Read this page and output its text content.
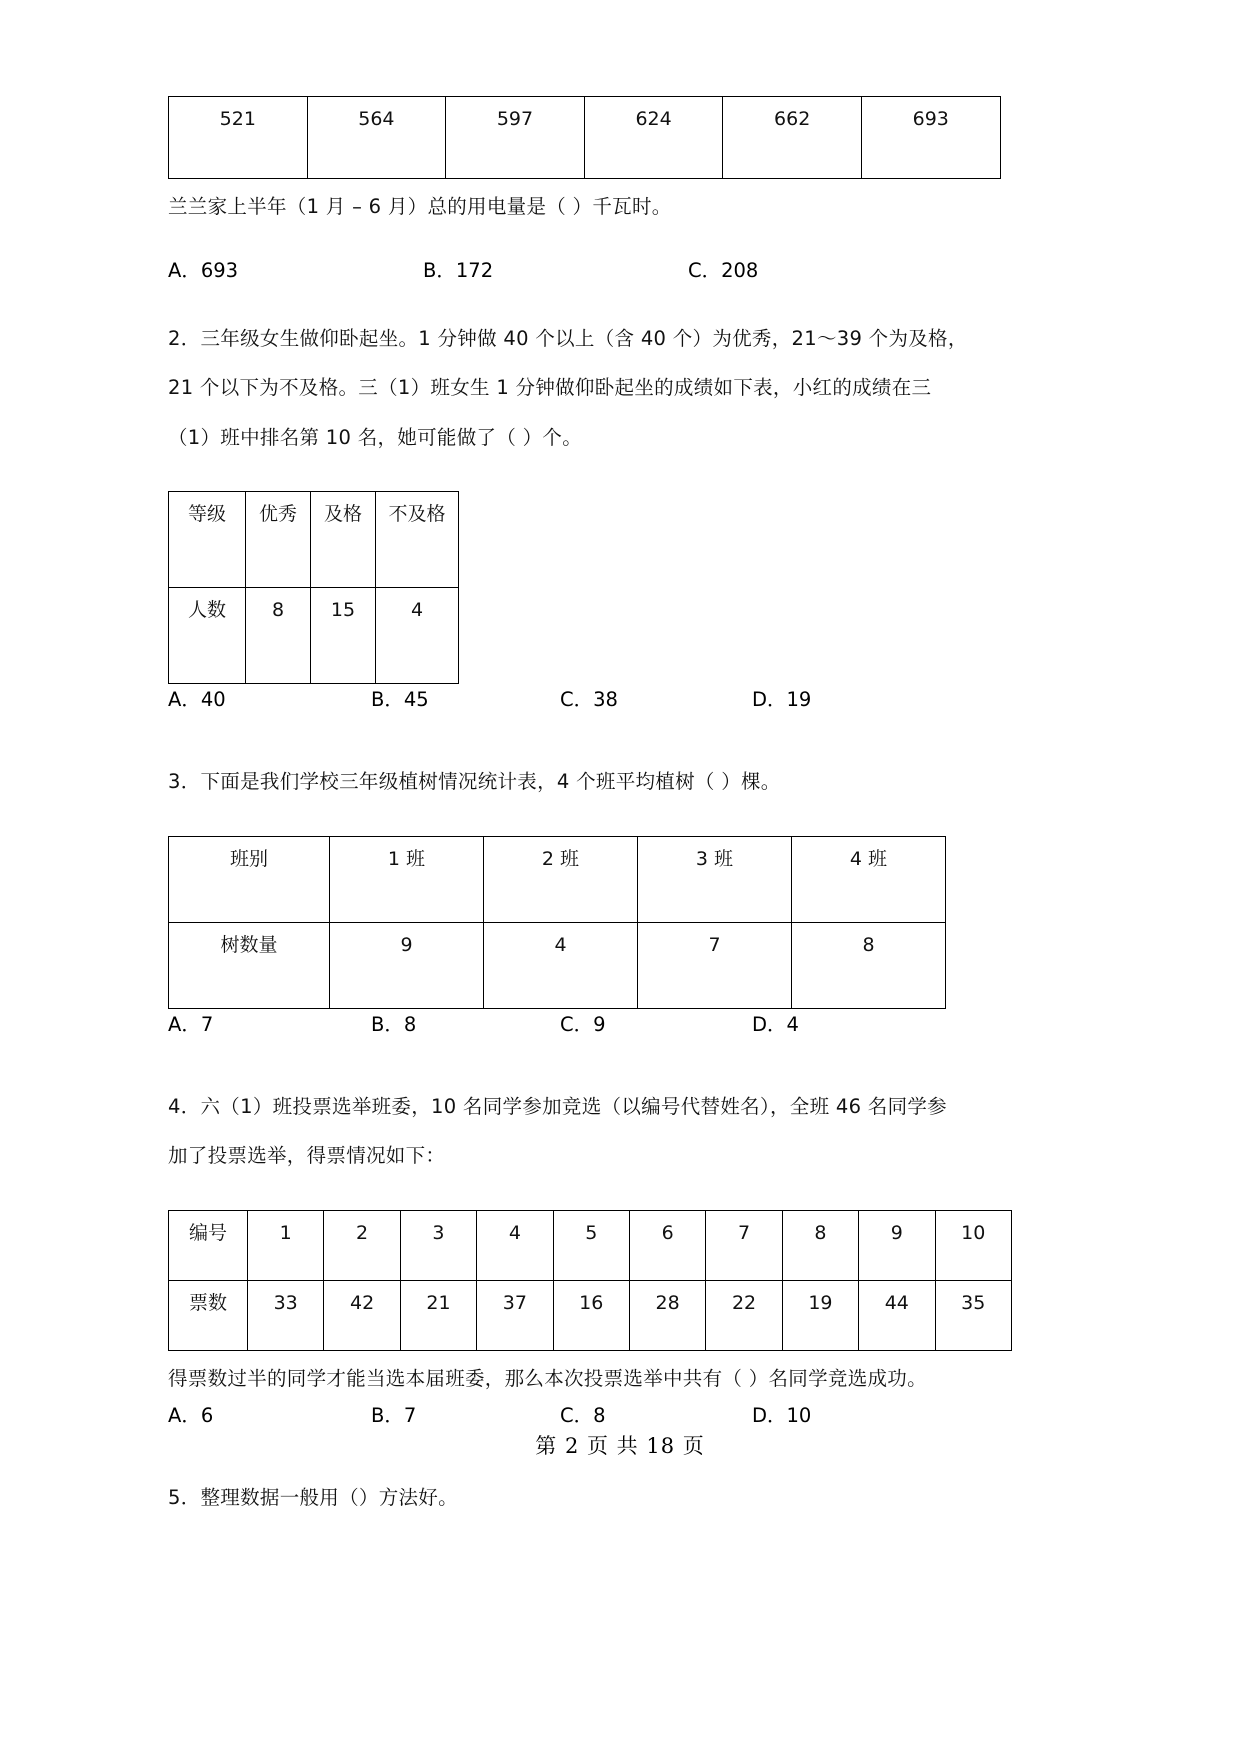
521	564	597	624	662	693
兰兰家上半年（1 月 – 6 月）总的用电量是（ ）千瓦时。
A．693	B．172	C．208
2．三年级女生做仰卧起坐。1 分钟做 40 个以上（含 40 个）为优秀，21～39 个为及格，
21 个以下为不及格。三（1）班女生 1 分钟做仰卧起坐的成绩如下表，小红的成绩在三
（1）班中排名第 10 名，她可能做了（ ）个。
等级	优秀	及格	不及格
人数	8	15	4
A．40	B．45	C．38	D．19
3．下面是我们学校三年级植树情况统计表，4 个班平均植树（ ）棵。
班别	1 班	2 班	3 班	4 班
树数量	9	4	7	8
A．7	B．8	C．9	D．4
4．六（1）班投票选举班委，10 名同学参加竞选（以编号代替姓名），全班 46 名同学参
加了投票选举，得票情况如下：
编号	1	2	3	4	5	6	7	8	9	10
票数	33	42	21	37	16	28	22	19	44	35
得票数过半的同学才能当选本届班委，那么本次投票选举中共有（ ）名同学竞选成功。
A．6	B．7	C．8	D．10
5．整理数据一般用（）方法好。
第 2 页 共 18 页
